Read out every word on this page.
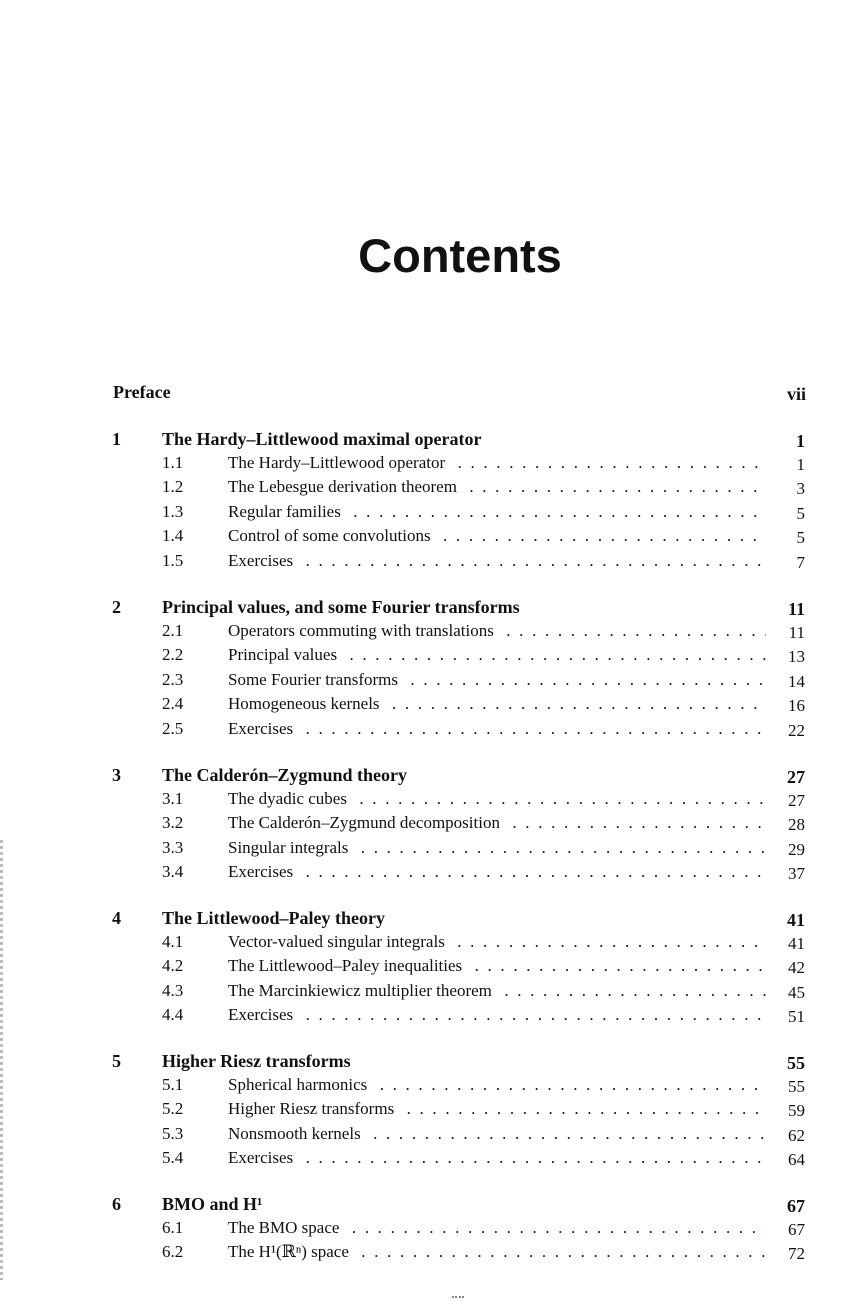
Contents
Preface	vii
1 The Hardy–Littlewood maximal operator	1
1.1	The Hardy–Littlewood operator . . .	1
1.2	The Lebesgue derivation theorem . . .	3
1.3	Regular families . . .	5
1.4	Control of some convolutions . . .	5
1.5	Exercises . . .	7
2 Principal values, and some Fourier transforms	11
2.1	Operators commuting with translations . . .	11
2.2	Principal values . . .	13
2.3	Some Fourier transforms . . .	14
2.4	Homogeneous kernels . . .	16
2.5	Exercises . . .	22
3 The Calderón–Zygmund theory	27
3.1	The dyadic cubes . . .	27
3.2	The Calderón–Zygmund decomposition . . .	28
3.3	Singular integrals . . .	29
3.4	Exercises . . .	37
4 The Littlewood–Paley theory	41
4.1	Vector-valued singular integrals . . .	41
4.2	The Littlewood–Paley inequalities . . .	42
4.3	The Marcinkiewicz multiplier theorem . . .	45
4.4	Exercises . . .	51
5 Higher Riesz transforms	55
5.1	Spherical harmonics . . .	55
5.2	Higher Riesz transforms . . .	59
5.3	Nonsmooth kernels . . .	62
5.4	Exercises . . .	64
6 BMO and H¹	67
6.1	The BMO space . . .	67
6.2	The H¹(ℝⁿ) space . . .	72
